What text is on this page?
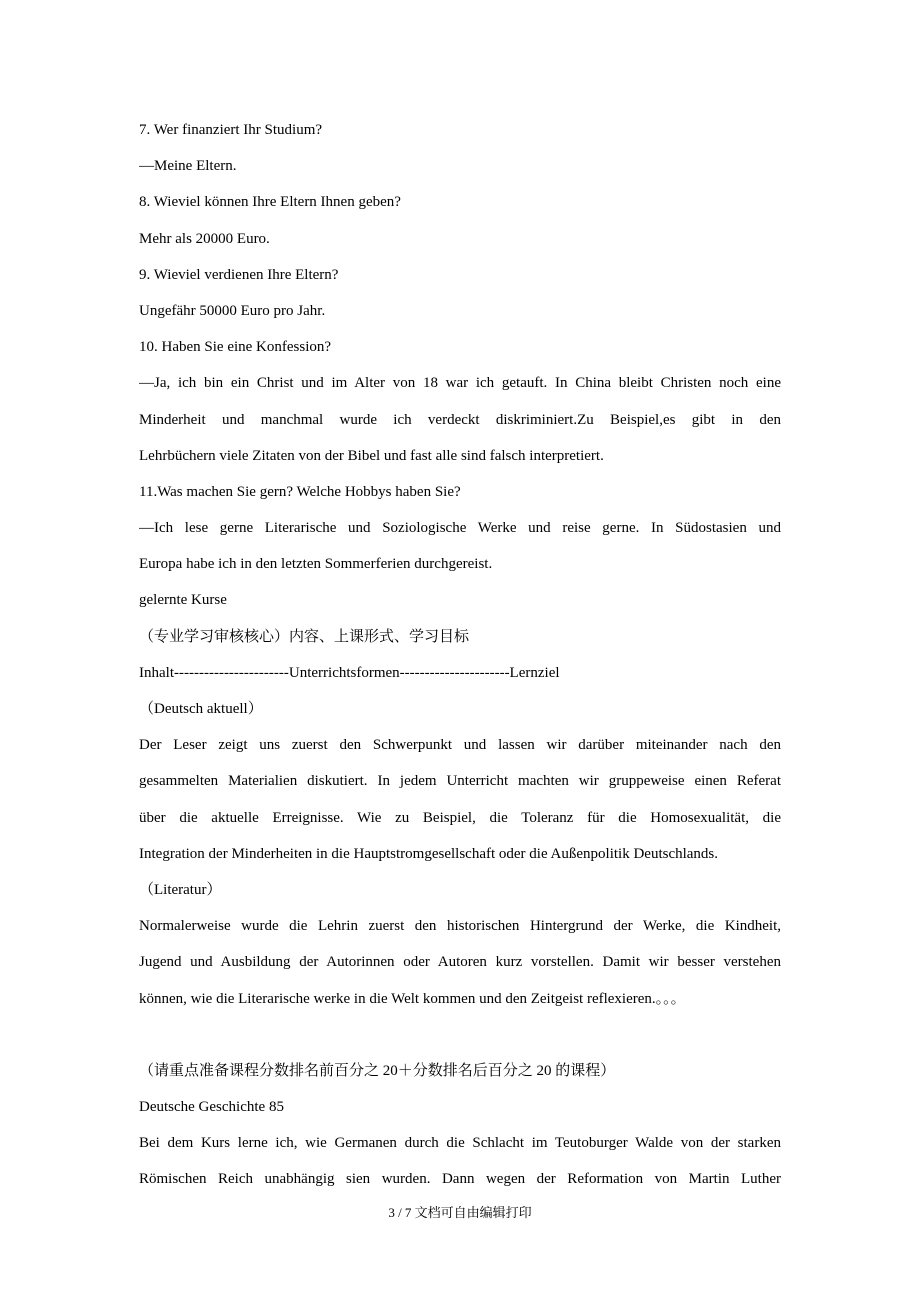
7. Wer finanziert Ihr Studium?
—Meine Eltern.
8. Wieviel können Ihre Eltern Ihnen geben?
Mehr als 20000 Euro.
9. Wieviel verdienen Ihre Eltern?
Ungefähr 50000 Euro pro Jahr.
10. Haben Sie eine Konfession?
—Ja, ich bin ein Christ und im Alter von 18 war ich getauft. In China bleibt Christen noch eine
Minderheit und manchmal wurde ich verdeckt diskriminiert.Zu Beispiel,es gibt in den
Lehrbüchern viele Zitaten von der Bibel und fast alle sind falsch interpretiert.
11.Was machen Sie gern? Welche Hobbys haben Sie?
—Ich lese gerne Literarische und Soziologische Werke und reise gerne. In Südostasien und
Europa habe ich in den letzten Sommerferien durchgereist.
gelernte Kurse
（专业学习审核核心）内容、上课形式、学习目标
Inhalt-----------------------Unterrichtsformen----------------------Lernziel
（Deutsch aktuell）
Der Leser zeigt uns zuerst den Schwerpunkt und lassen wir darüber miteinander nach den
gesammelten Materialien diskutiert. In jedem Unterricht machten wir gruppeweise einen Referat
über die aktuelle Erreignisse. Wie zu Beispiel, die Toleranz für die Homosexualität, die
Integration der Minderheiten in die Hauptstromgesellschaft oder die Außenpolitik Deutschlands.
（Literatur）
Normalerweise wurde die Lehrin zuerst den historischen Hintergrund der Werke, die Kindheit,
Jugend und Ausbildung der Autorinnen oder Autoren kurz vorstellen. Damit wir besser verstehen
können, wie die Literarische werke in die Welt kommen und den Zeitgeist reflexieren.。。。
（请重点准备课程分数排名前百分之 20＋分数排名后百分之 20 的课程）
Deutsche Geschichte 85
Bei dem Kurs lerne ich, wie Germanen durch die Schlacht im Teutoburger Walde von der starken
Römischen Reich unabhängig sien wurden. Dann wegen der Reformation von Martin Luther
3 / 7 文档可自由编辑打印
